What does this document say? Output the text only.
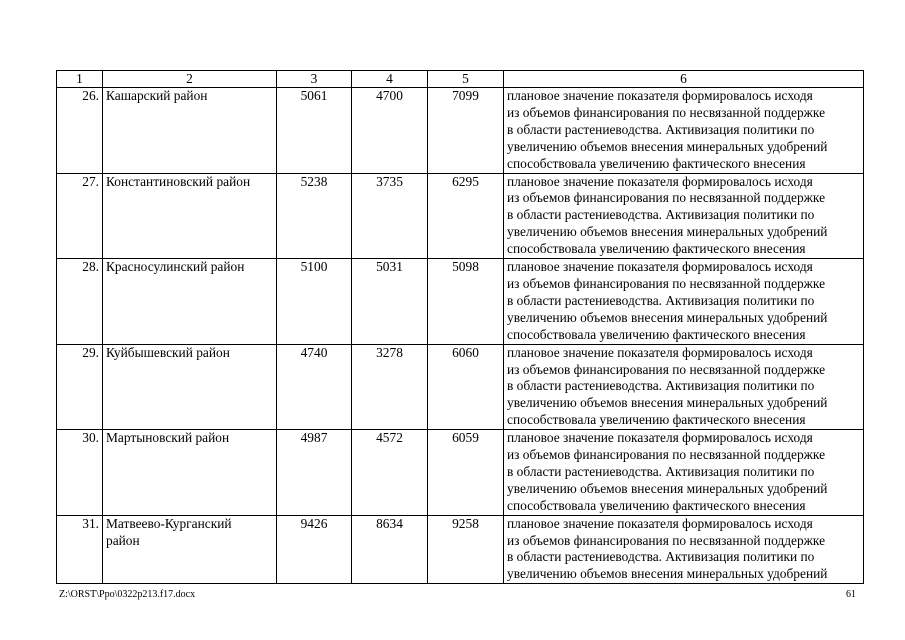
1	2	3	4	5	6
26.	Кашарский район	5061	4700	7099	плановое значение показателя формировалось исходя
из объемов финансирования по несвязанной поддержке
в области растениеводства. Активизация политики по
увеличению объемов внесения минеральных удобрений
способствовала увеличению фактического внесения

27.	Константиновский район	5238	3735	6295	плановое значение показателя формировалось исходя
из объемов финансирования по несвязанной поддержке
в области растениеводства. Активизация политики по
увеличению объемов внесения минеральных удобрений
способствовала увеличению фактического внесения

28.	Красносулинский район	5100	5031	5098	плановое значение показателя формировалось исходя
из объемов финансирования по несвязанной поддержке
в области растениеводства. Активизация политики по
увеличению объемов внесения минеральных удобрений
способствовала увеличению фактического внесения

29.	Куйбышевский район	4740	3278	6060	плановое значение показателя формировалось исходя
из объемов финансирования по несвязанной поддержке
в области растениеводства. Активизация политики по
увеличению объемов внесения минеральных удобрений
способствовала увеличению фактического внесения

30.	Мартыновский район	4987	4572	6059	плановое значение показателя формировалось исходя
из объемов финансирования по несвязанной поддержке
в области растениеводства. Активизация политики по
увеличению объемов внесения минеральных удобрений
способствовала увеличению фактического внесения

31.	Матвеево-Курганский
район	9426	8634	9258	плановое значение показателя формировалось исходя
из объемов финансирования по несвязанной поддержке
в области растениеводства. Активизация политики по
увеличению объемов внесения минеральных удобрений
Z:\ORST\Ppo\0322p213.f17.docx	61
